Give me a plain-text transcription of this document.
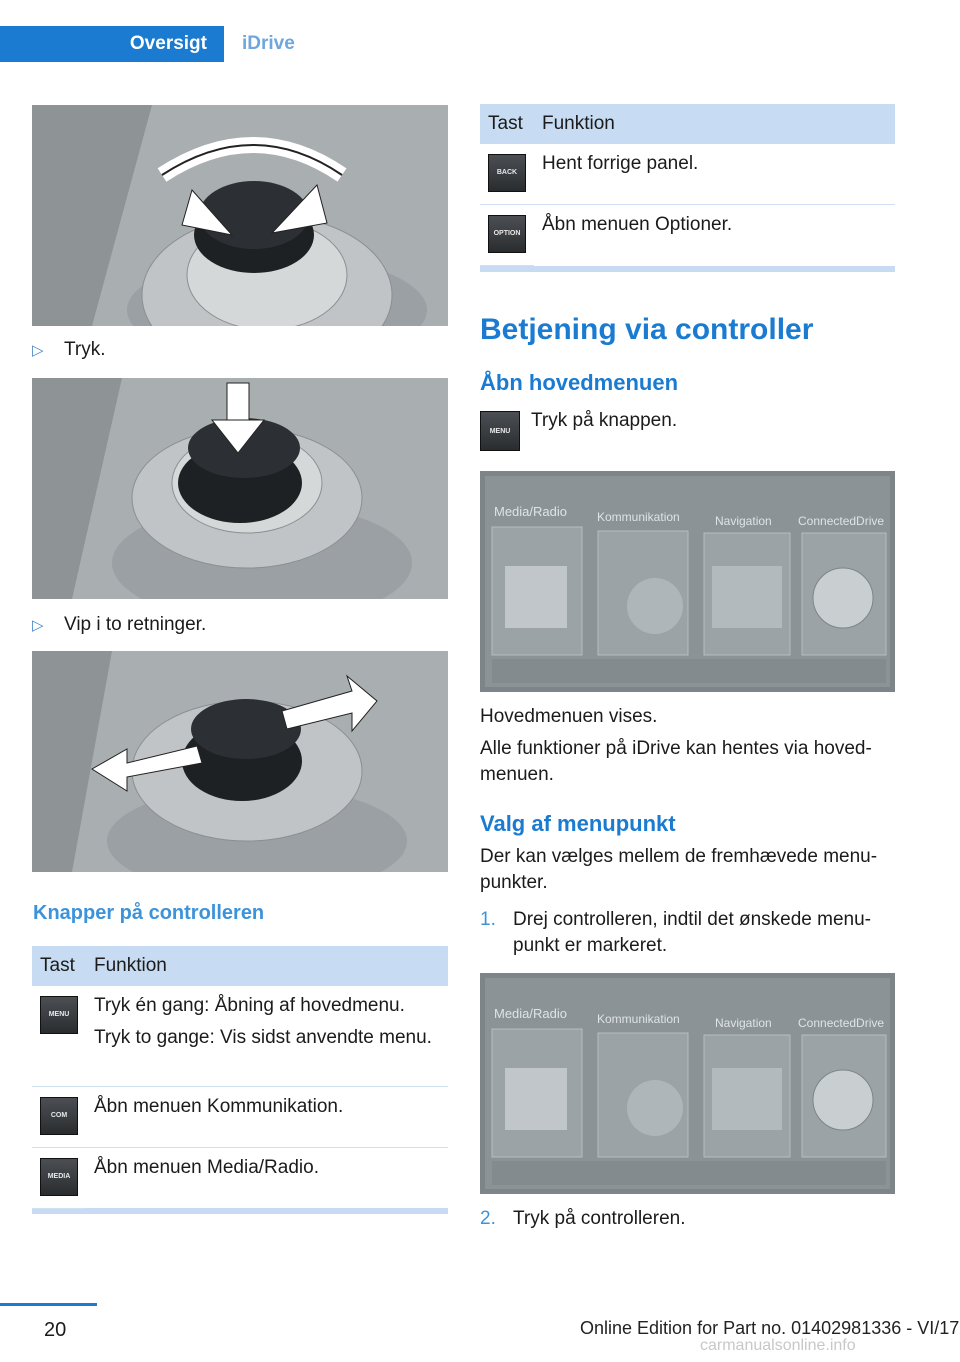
Oversigt	iDrive
▷	Tryk.
▷	Vip i to retninger.
Knapper på controlleren
Tast	Funktion

MENU	Tryk én gang: Åbning af hovedmenu.
Tryk to gange: Vis sidst anvendte menu.

COM	Åbn menuen Kommunikation.

MEDIA	Åbn menuen Media/Radio.

Tast	Funktion

BACK	Hent forrige panel.

OPTION	Åbn menuen Optioner.

Betjening via controller
Åbn hovedmenuen
MENU	Tryk på knappen.
Media/Radio	Kommunikation	Navigation ConnectedDrive
Hovedmenuen vises.
Alle funktioner på iDrive kan hentes via hoved‐menuen.
Valg af menupunkt
Der kan vælges mellem de fremhævede menu‐punkter.
1. Drej controlleren, indtil det ønskede menu‐punkt er markeret.
Media/Radio	Kommunikation	Navigation ConnectedDrive
2. Tryk på controlleren.
20	Online Edition for Part no. 01402981336 - VI/17
carmanualsonline.info
